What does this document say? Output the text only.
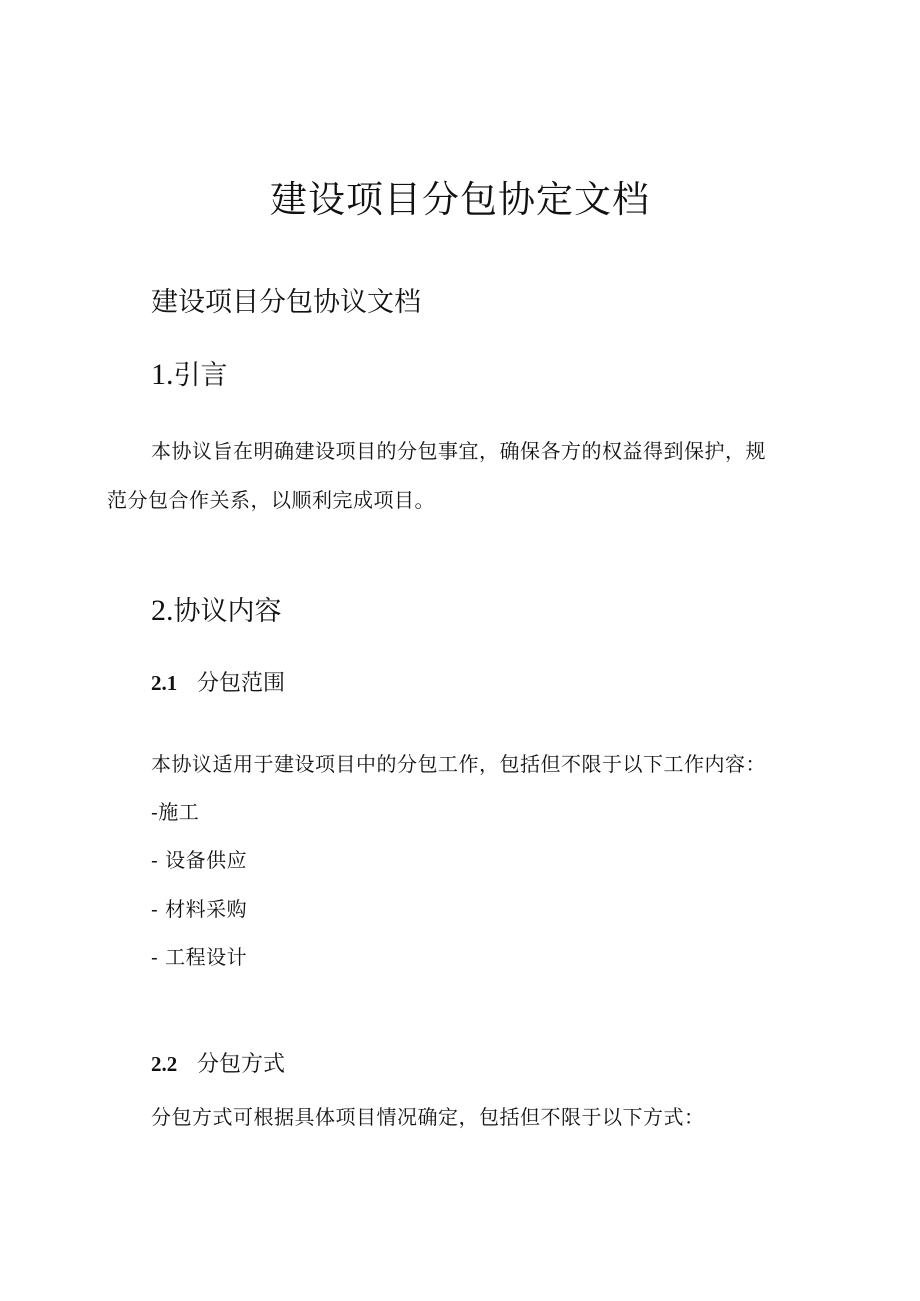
建设项目分包协定文档
建设项目分包协议文档
1.引言
本协议旨在明确建设项目的分包事宜，确保各方的权益得到保护，规
范分包合作关系，以顺利完成项目。
2.协议内容
2.1 分包范围
本协议适用于建设项目中的分包工作，包括但不限于以下工作内容：
-施工
- 设备供应
- 材料采购
- 工程设计
2.2 分包方式
分包方式可根据具体项目情况确定，包括但不限于以下方式：
